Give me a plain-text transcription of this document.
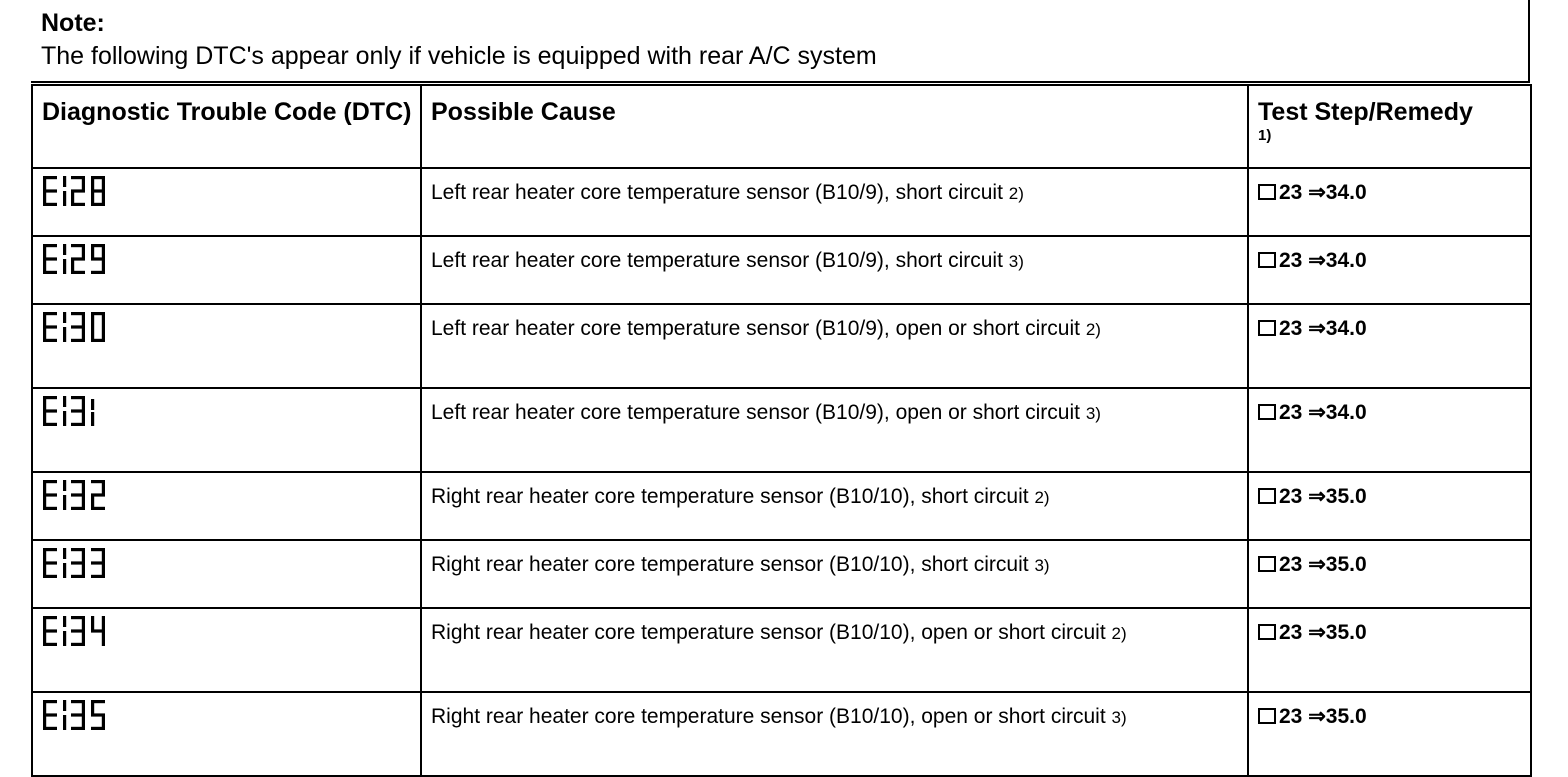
Note:
The following DTC's appear only if vehicle is equipped with rear A/C system
Diagnostic Trouble Code (DTC)	Possible Cause	Test Step/Remedy
1)

	Left rear heater core temperature sensor (B10/9), short circuit 2)	23 ⇒34.0

	Left rear heater core temperature sensor (B10/9), short circuit 3)	23 ⇒34.0

	Left rear heater core temperature sensor (B10/9), open or short circuit 2)	23 ⇒34.0

	Left rear heater core temperature sensor (B10/9), open or short circuit 3)	23 ⇒34.0

	Right rear heater core temperature sensor (B10/10), short circuit 2)	23 ⇒35.0

	Right rear heater core temperature sensor (B10/10), short circuit 3)	23 ⇒35.0

	Right rear heater core temperature sensor (B10/10), open or short circuit 2)	23 ⇒35.0

	Right rear heater core temperature sensor (B10/10), open or short circuit 3)	23 ⇒35.0
